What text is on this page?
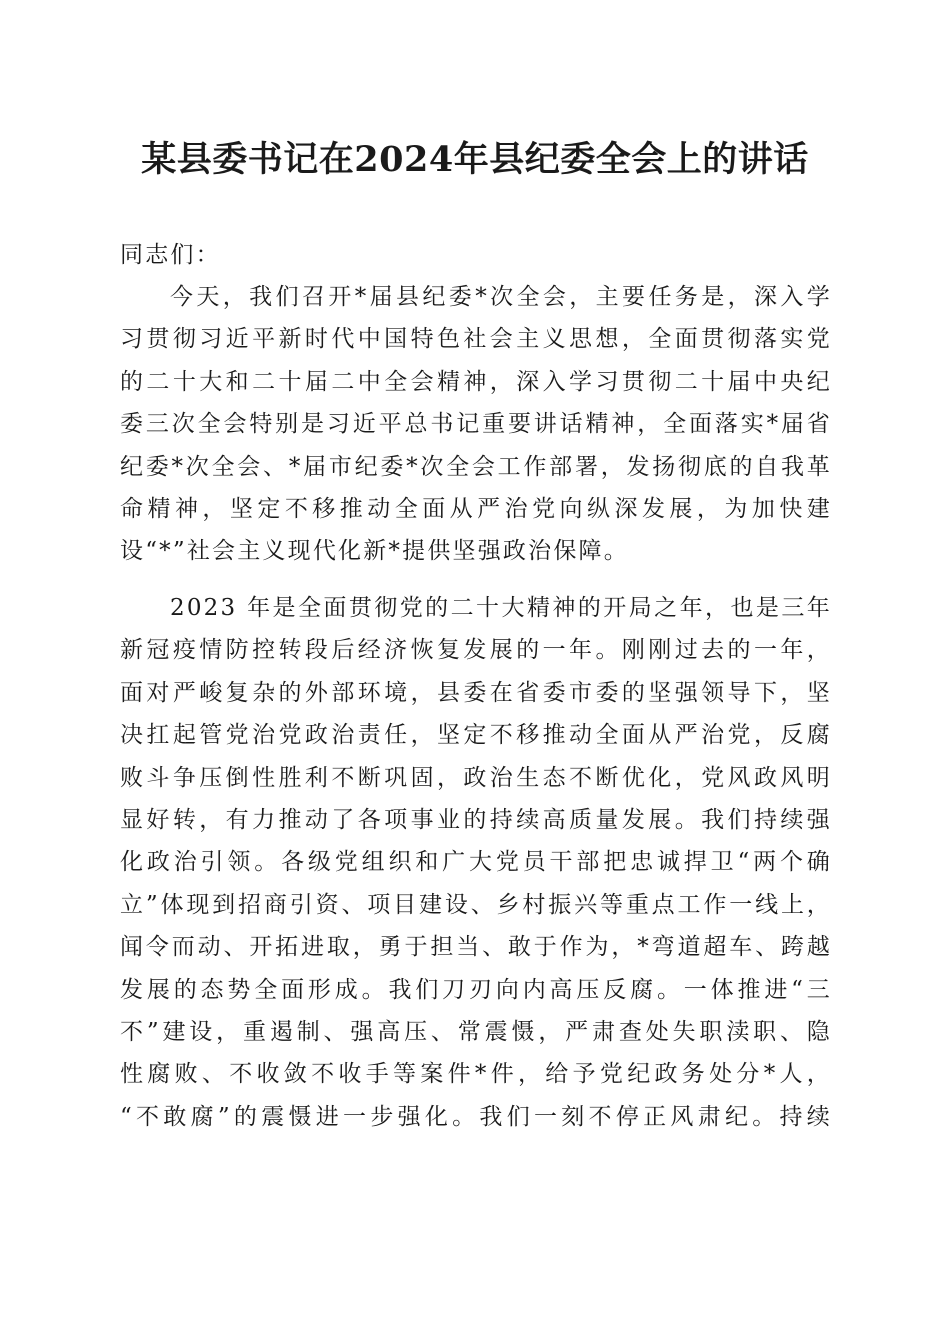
某县委书记在2024年县纪委全会上的讲话
同志们：
今天，我们召开*届县纪委*次全会，主要任务是，深入学
习贯彻习近平新时代中国特色社会主义思想，全面贯彻落实党
的二十大和二十届二中全会精神，深入学习贯彻二十届中央纪
委三次全会特别是习近平总书记重要讲话精神，全面落实*届省
纪委*次全会、*届市纪委*次全会工作部署，发扬彻底的自我革
命精神，坚定不移推动全面从严治党向纵深发展，为加快建
设“*”社会主义现代化新*提供坚强政治保障。
2023 年是全面贯彻党的二十大精神的开局之年，也是三年
新冠疫情防控转段后经济恢复发展的一年。刚刚过去的一年，
面对严峻复杂的外部环境，县委在省委市委的坚强领导下，坚
决扛起管党治党政治责任，坚定不移推动全面从严治党，反腐
败斗争压倒性胜利不断巩固，政治生态不断优化，党风政风明
显好转，有力推动了各项事业的持续高质量发展。我们持续强
化政治引领。各级党组织和广大党员干部把忠诚捍卫“两个确
立”体现到招商引资、项目建设、乡村振兴等重点工作一线上，
闻令而动、开拓进取，勇于担当、敢于作为，*弯道超车、跨越
发展的态势全面形成。我们刀刃向内高压反腐。一体推进“三
不”建设，重遏制、强高压、常震慑，严肃查处失职渎职、隐
性腐败、不收敛不收手等案件*件，给予党纪政务处分*人，
“不敢腐”的震慑进一步强化。我们一刻不停正风肃纪。持续
